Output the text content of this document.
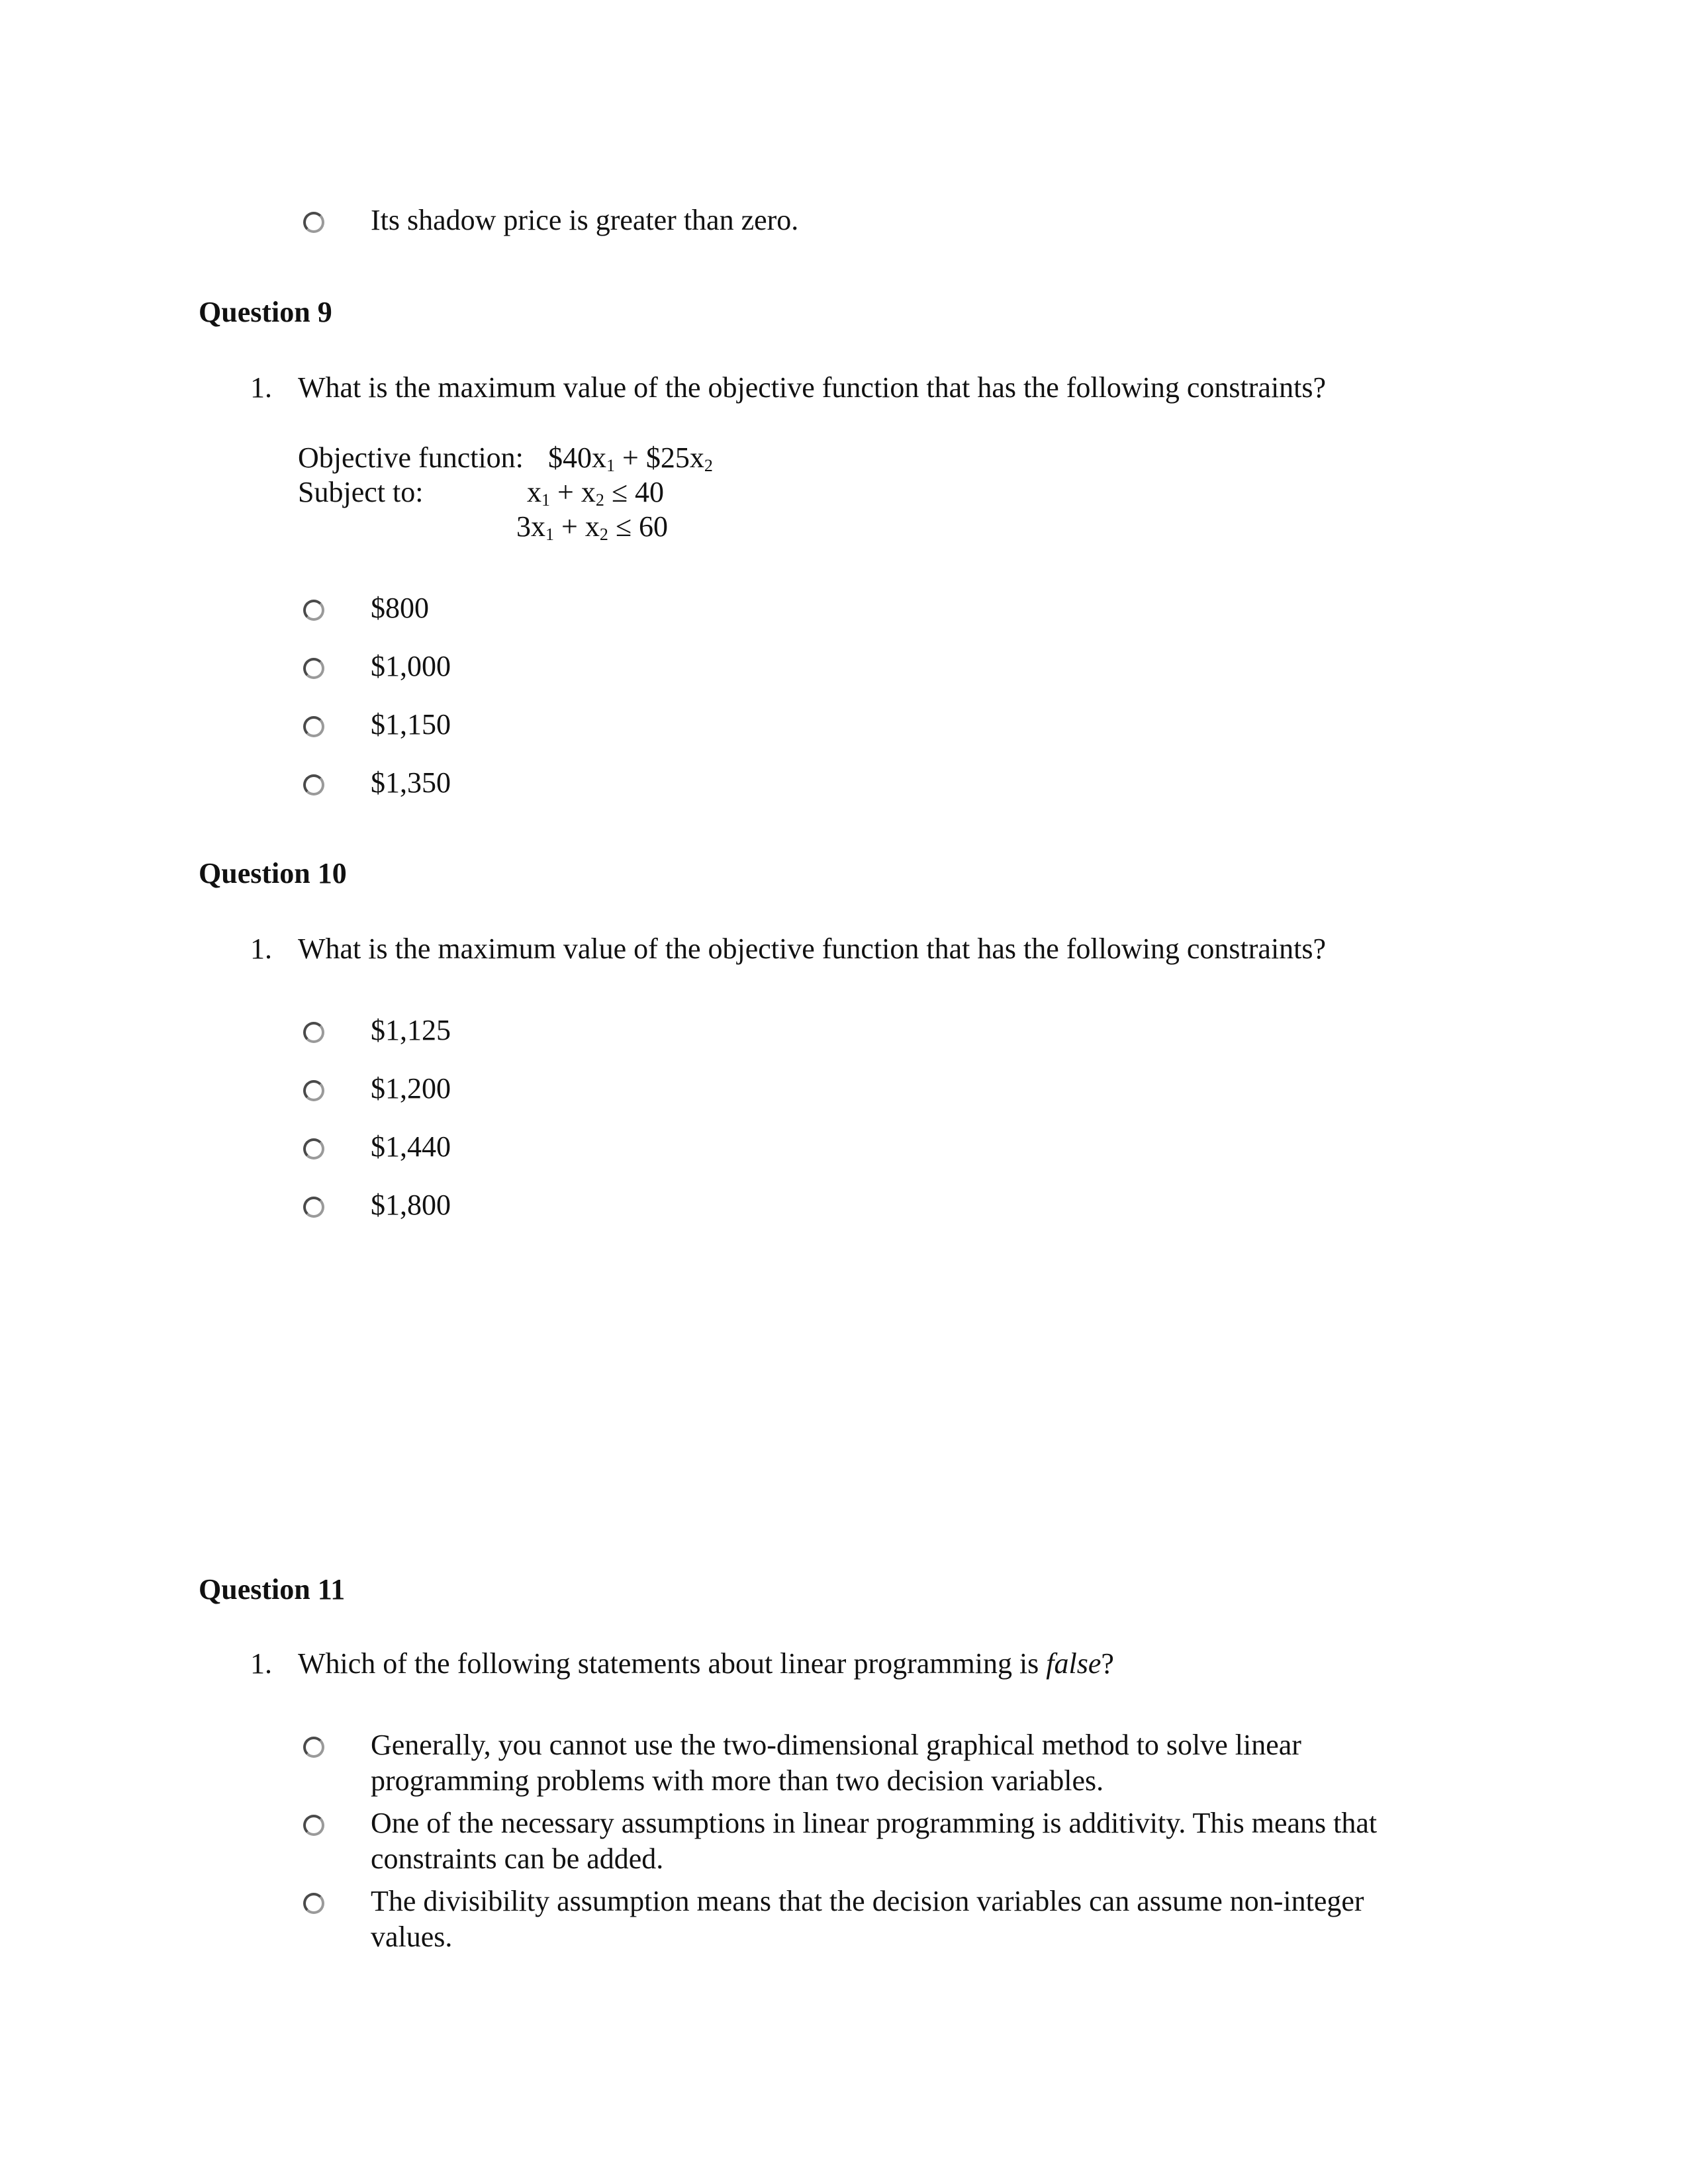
Its shadow price is greater than zero.
Question 9
1. What is the maximum value of the objective function that has the following constraints?
Objective function: $\$40x_1$ + $\$25x_2$
Subject to:	$x_1 + x_2 \le 40$
$3x_1 + x_2 \le 60$
$800
$1,000
$1,150
$1,350
Question 10
1. What is the maximum value of the objective function that has the following constraints?
$1,125
$1,200
$1,440
$1,800
Question 11
1. Which of the following statements about linear programming is false?
Generally, you cannot use the two-dimensional graphical method to solve linear
programming problems with more than two decision variables.
One of the necessary assumptions in linear programming is additivity. This means that
constraints can be added.
The divisibility assumption means that the decision variables can assume non-integer
values.
